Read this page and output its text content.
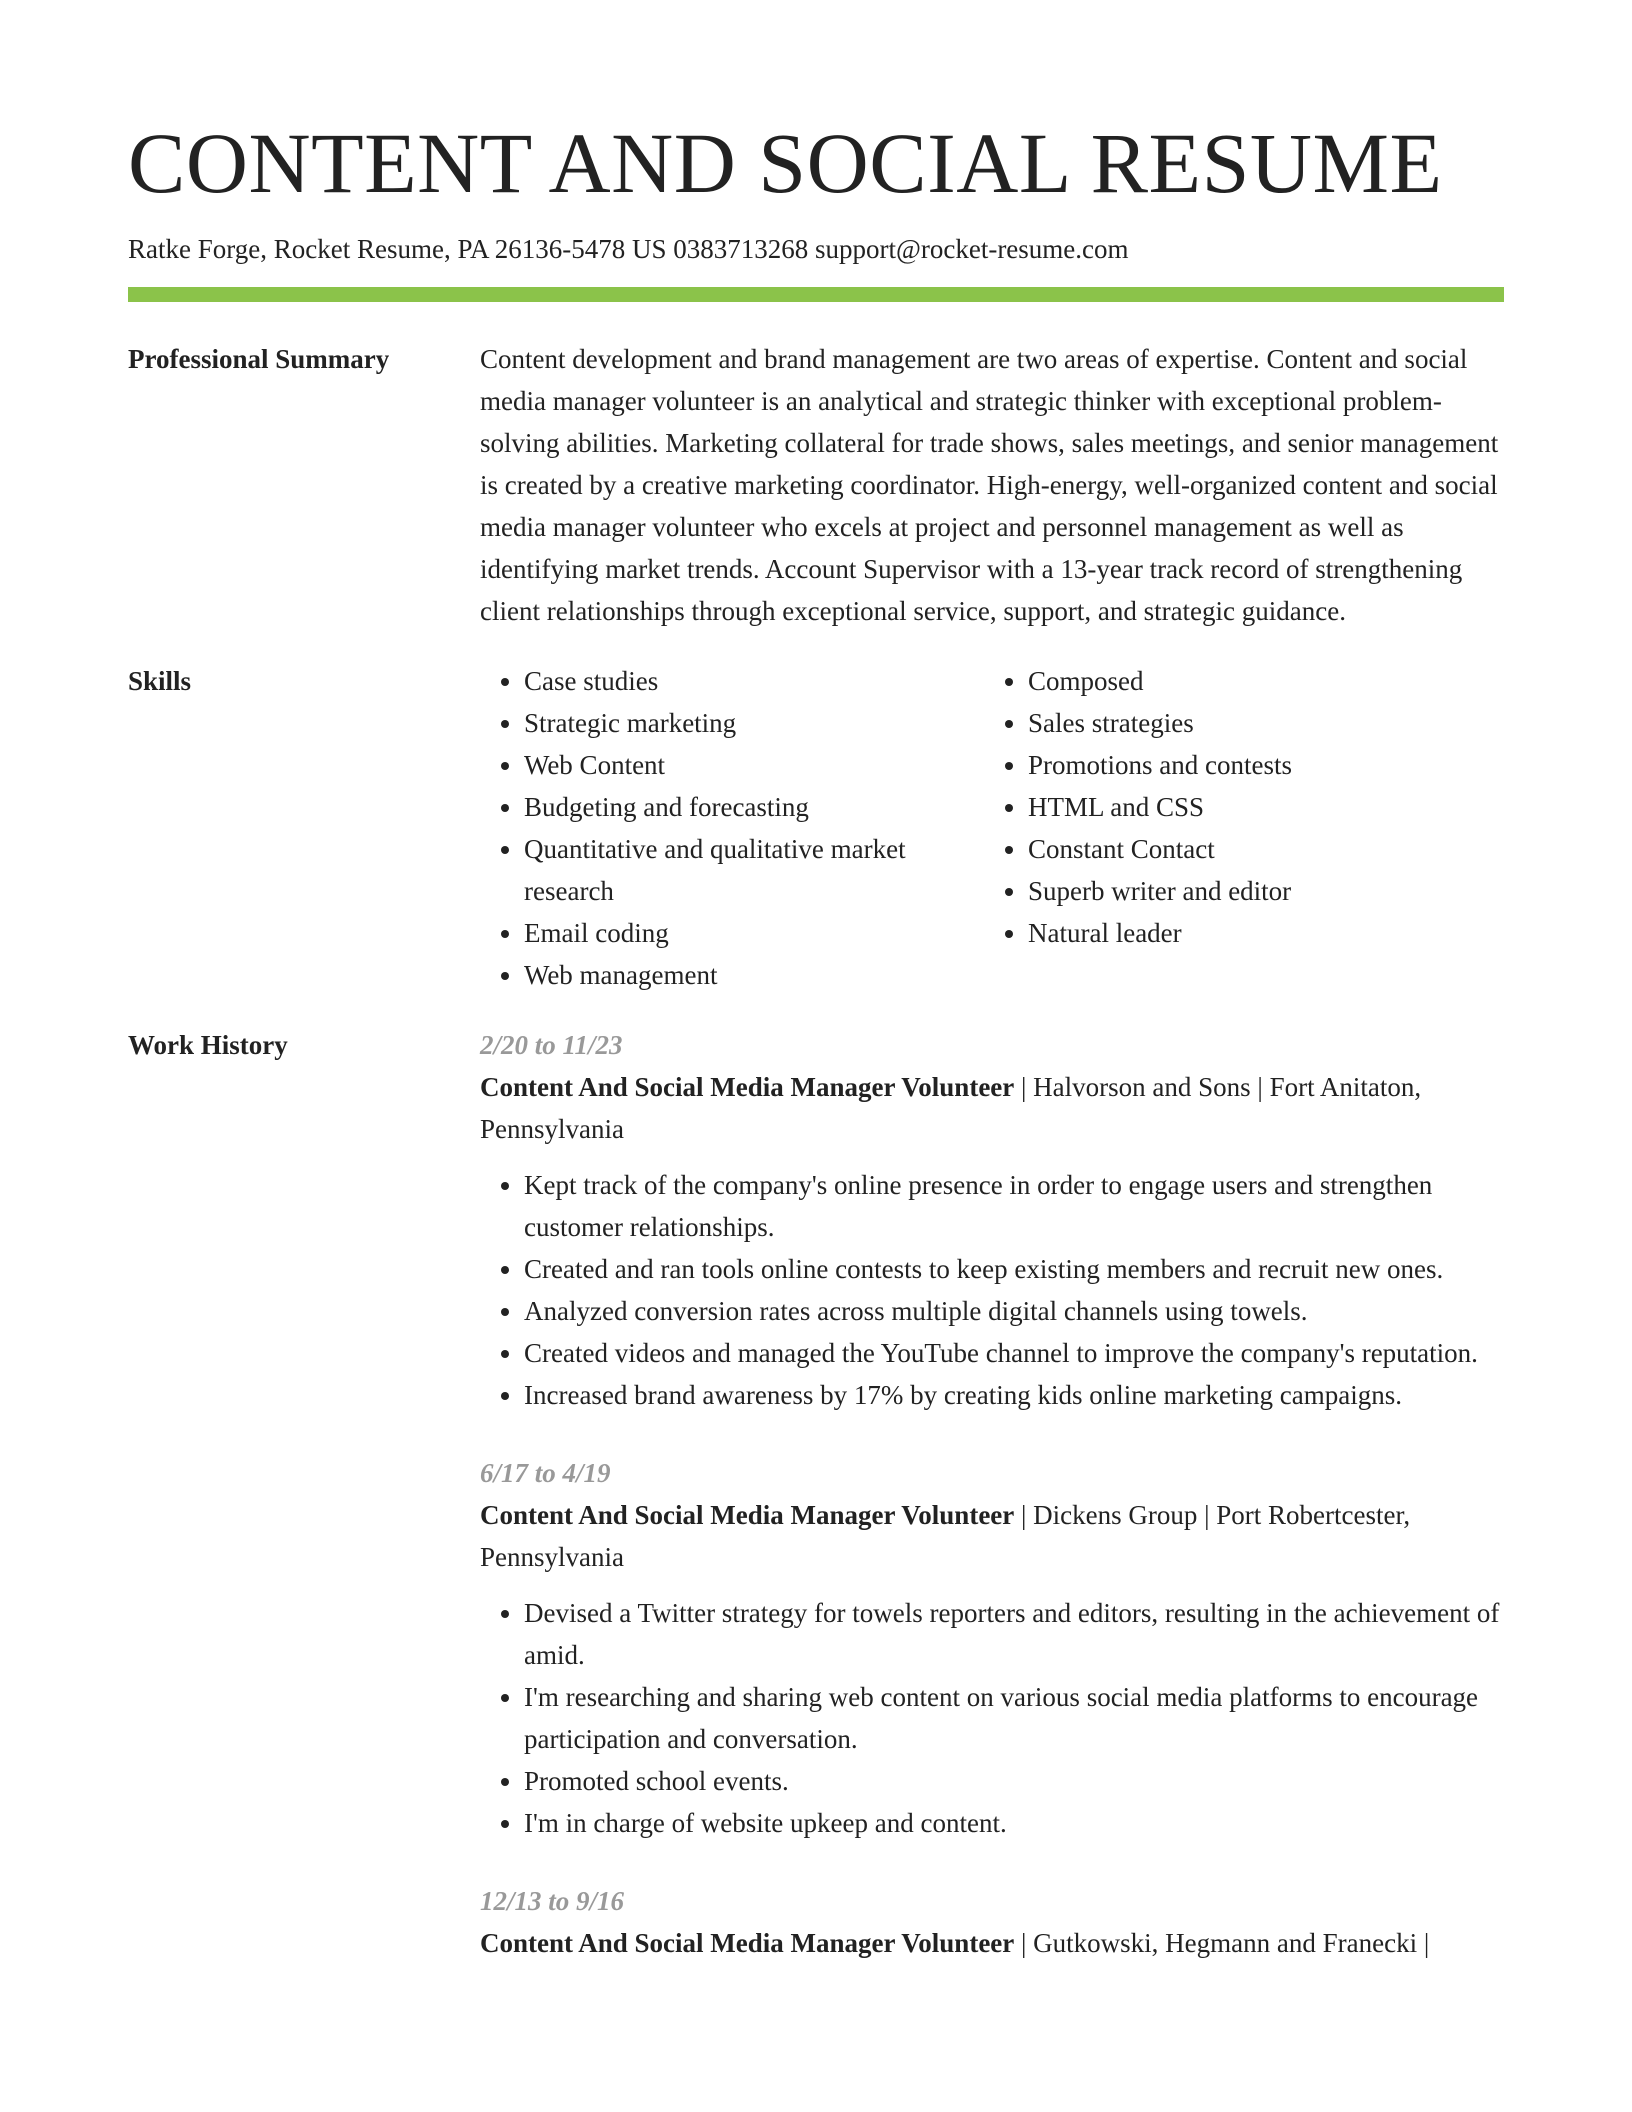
CONTENT AND SOCIAL RESUME
Ratke Forge, Rocket Resume, PA 26136-5478 US 0383713268 support@rocket-resume.com
Professional Summary	Content development and brand management are two areas of expertise. Content and social media manager volunteer is an analytical and strategic thinker with exceptional problem-solving abilities. Marketing collateral for trade shows, sales meetings, and senior management is created by a creative marketing coordinator. High-energy, well-organized content and social media manager volunteer who excels at project and personnel management as well as identifying market trends. Account Supervisor with a 13-year track record of strengthening client relationships through exceptional service, support, and strategic guidance.

Skills
•	Case studies
• Strategic marketing
• Web Content
• Budgeting and forecasting
• Quantitative and qualitative market research
• Email coding
• Web management
• Composed
• Sales strategies
• Promotions and contests
• HTML and CSS
• Constant Contact
• Superb writer and editor
• Natural leader
Work History	2/20 to 11/23
Content And Social Media Manager Volunteer | Halvorson and Sons | Fort Anitaton, Pennsylvania
• Kept track of the company's online presence in order to engage users and strengthen customer relationships.
• Created and ran tools online contests to keep existing members and recruit new ones.
• Analyzed conversion rates across multiple digital channels using towels.
• Created videos and managed the YouTube channel to improve the company's reputation.
• Increased brand awareness by 17% by creating kids online marketing campaigns.
6/17 to 4/19
Content And Social Media Manager Volunteer | Dickens Group | Port Robertcester, Pennsylvania
• Devised a Twitter strategy for towels reporters and editors, resulting in the achievement of amid.
• I'm researching and sharing web content on various social media platforms to encourage participation and conversation.
• Promoted school events.
• I'm in charge of website upkeep and content.
12/13 to 9/16
Content And Social Media Manager Volunteer | Gutkowski, Hegmann and Franecki |
